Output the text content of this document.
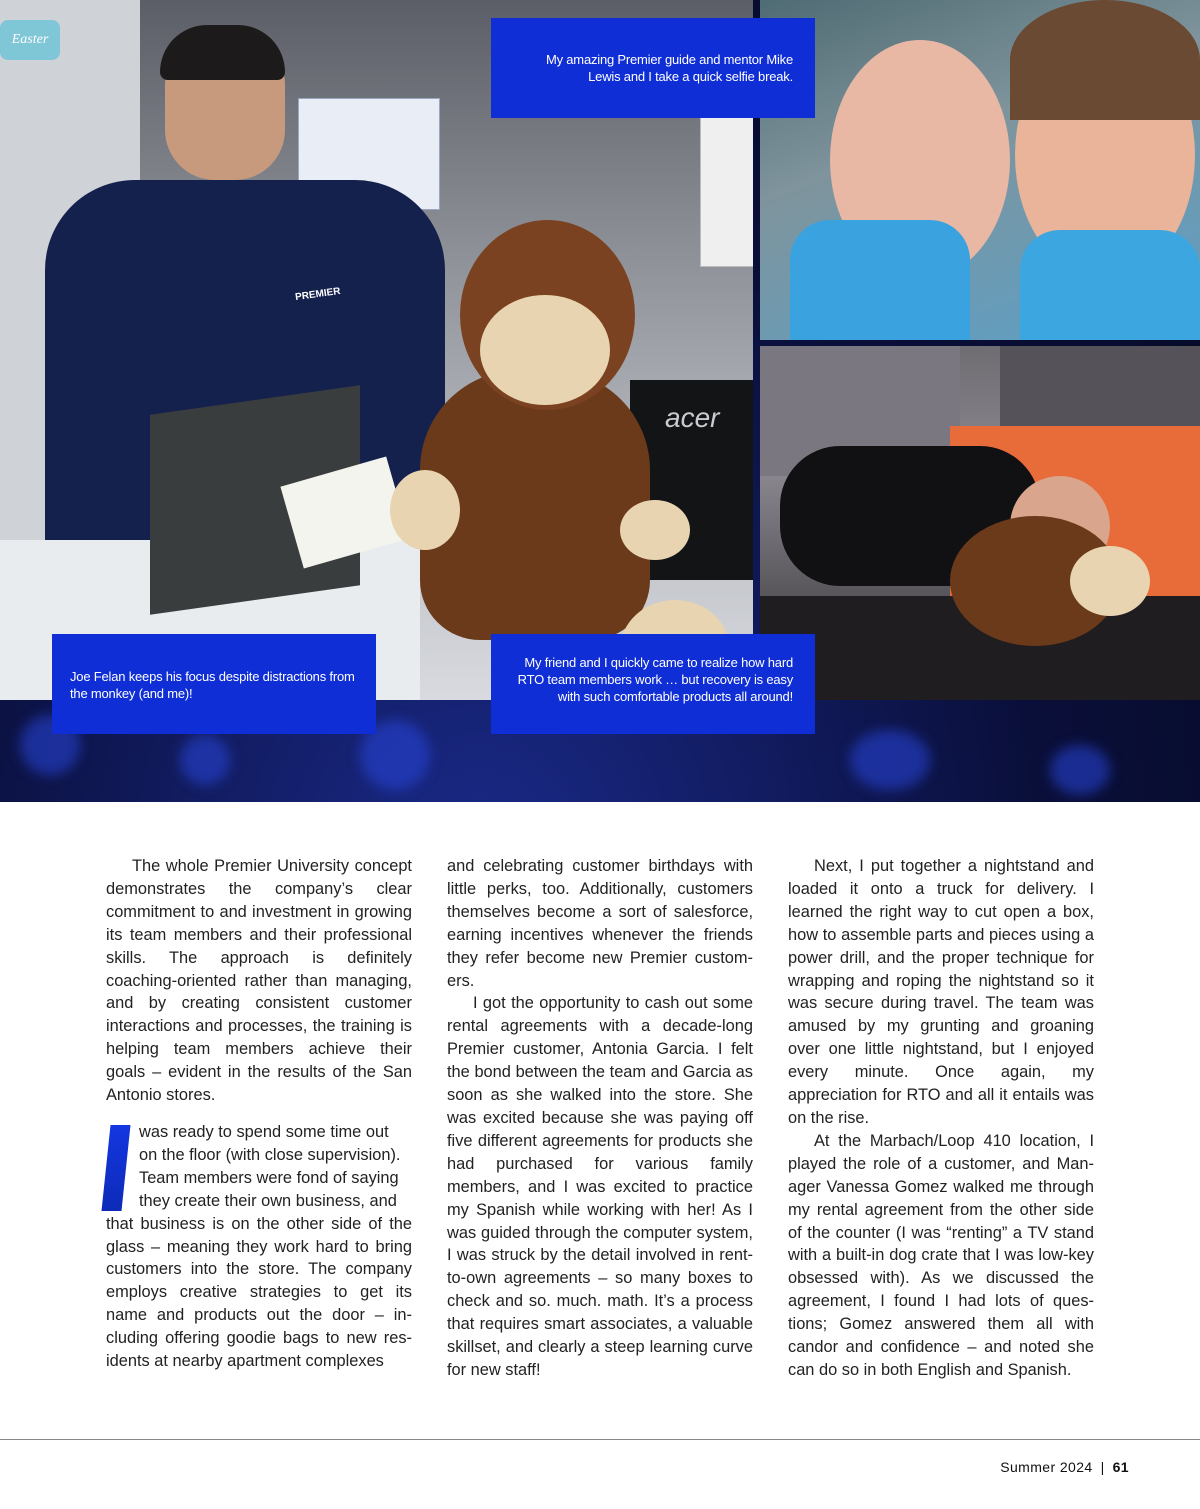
Easter
PREMIER
acer
My amazing Premier guide and mentor Mike Lewis and I take a quick selfie break.
Joe Felan keeps his focus despite distractions from the monkey (and me)!
My friend and I quickly came to realize how hard RTO team members work … but recovery is easy with such comfortable products all around!

The whole Premier University concept demonstrates the company’s clear commitment to and investment in growing its team members and their professional skills. The approach is definitely coaching-oriented rather than managing, and by creating consistent customer interactions and processes, the training is helping team members achieve their goals – evident in the results of the San Antonio stores.

was ready to spend some time out
on the floor (with close supervision).
Team members were fond of saying
they create their own business, and
that business is on the other side of the glass – meaning they work hard to bring customers into the store. The company employs creative strategies to get its name and products out the door – including offering goodie bags to new residents at nearby apartment complexes

and celebrating customer birthdays with little perks, too. Additionally, customers themselves become a sort of salesforce, earning incentives whenever the friends they refer become new Premier customers.

I got the opportunity to cash out some rental agreements with a decade-long Premier customer, Antonia Garcia. I felt the bond between the team and Garcia as soon as she walked into the store. She was excited because she was paying off five different agreements for products she had purchased for various family members, and I was excited to practice my Spanish while working with her! As I was guided through the computer system, I was struck by the detail involved in rent-to-own agreements – so many boxes to check and so. much. math. It’s a process that requires smart associates, a valuable skillset, and clearly a steep learning curve for new staff!

Next, I put together a nightstand and loaded it onto a truck for delivery. I learned the right way to cut open a box, how to assemble parts and pieces using a power drill, and the proper technique for wrapping and roping the nightstand so it was secure during travel. The team was amused by my grunting and groaning over one little nightstand, but I enjoyed every minute. Once again, my appreciation for RTO and all it entails was on the rise.

At the Marbach/Loop 410 location, I played the role of a customer, and Manager Vanessa Gomez walked me through my rental agreement from the other side of the counter (I was “renting” a TV stand with a built-in dog crate that I was low-key obsessed with). As we discussed the agreement, I found I had lots of questions; Gomez answered them all with candor and confidence – and noted she can do so in both English and Spanish.

Summer 2024 | 61
